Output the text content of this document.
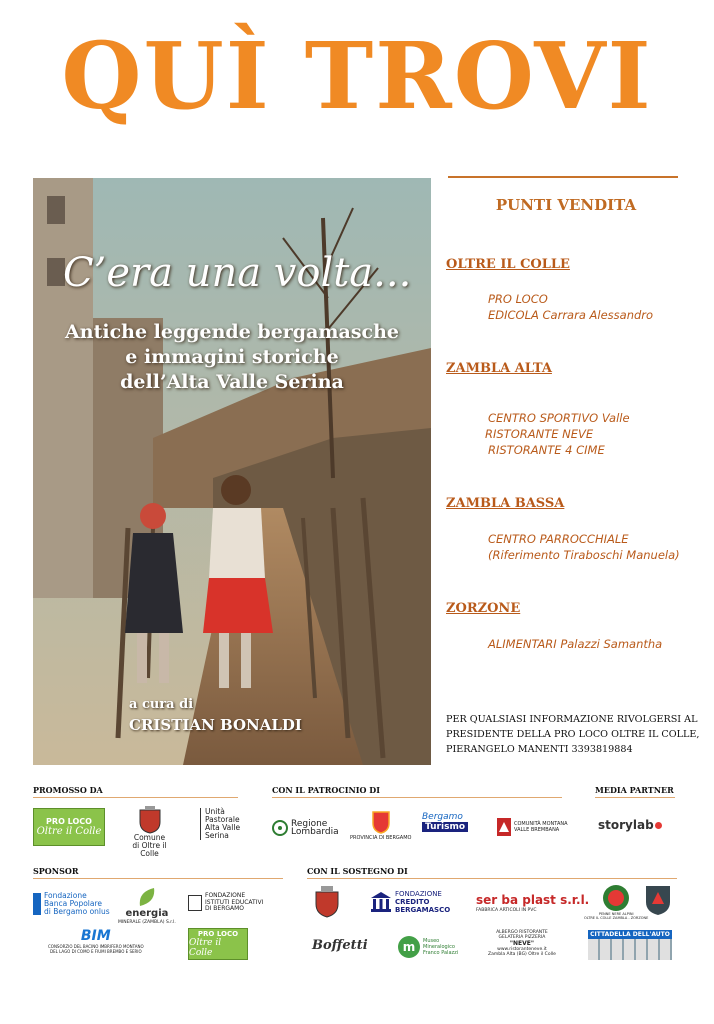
QUÌ TROVI
C’era una volta...
Antiche leggende bergamasche
e immagini storiche
dell’Alta Valle Serina
a cura di
CRISTIAN BONALDI
PUNTI VENDITA
OLTRE IL COLLE
PRO LOCO
EDICOLA Carrara Alessandro
ZAMBLA ALTA
CENTRO SPORTIVO Valle
RISTORANTE NEVE
RISTORANTE 4 CIME
ZAMBLA BASSA
CENTRO PARROCCHIALE
(Riferimento Tiraboschi Manuela)
ZORZONE
ALIMENTARI Palazzi Samantha
PER QUALSIASI INFORMAZIONE RIVOLGERSI AL
PRESIDENTE DELLA PRO LOCO OLTRE IL COLLE,
PIERANGELO MANENTI 3393819884
PROMOSSO DA	CON IL PATROCINIO DI	MEDIA PARTNER
PRO LOCO
Oltre il Colle
Comune
di Oltre il Colle
Unità
Pastorale
Alta Valle
Serina
Regione
Lombardia
PROVINCIA DI BERGAMO
Bergamo
Turismo	COMUNITÀ MONTANA
VALLE BREMBANA	storylab
SPONSOR	CON IL SOSTEGNO DI
Fondazione
Banca Popolare
di Bergamo onlus energia
MINERALE (ZAMBLA) S.r.l.
FONDAZIONE
ISTITUTI EDUCATIVI
DI BERGAMO
BIM
CONSORZIO DEL BACINO IMBRIFERO MONTANO
DEL LAGO DI COMO E FIUMI BREMBO E SERIO
PRO LOCO
Oltre il Colle
FONDAZIONE
CREDITO
BERGAMASCO
ser ba plast s.r.l.
FABBRICA ARTICOLI IN PVC
PENNE NERE ALPINI
OLTRE IL COLLE ZAMBLA - ZORZONE
Boffetti	m	Museo
Mineralogico
Franco Palazzi
ALBERGO RISTORANTE
GELATERIA PIZZERIA
"NEVE"
www.ristoranteneve.it
Zambla Alta (BG) Oltre il Colle
CITTADELLA DELL'AUTO
